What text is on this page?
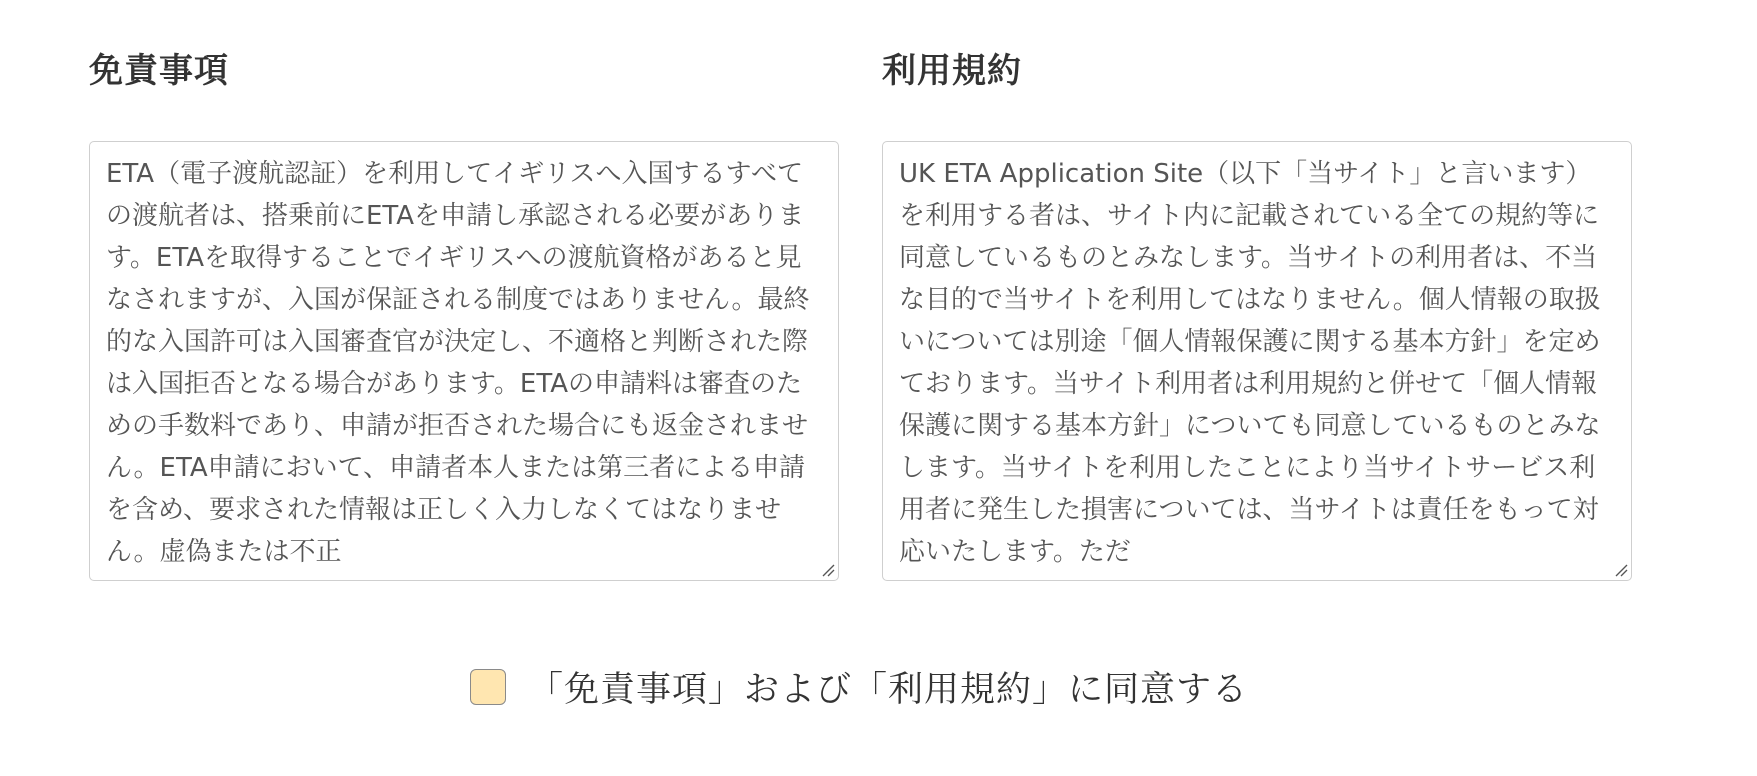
免責事項
ETA（電子渡航認証）を利用してイギリスへ入国するすべての渡航者は、搭乗前にETAを申請し承認される必要があります。ETAを取得することでイギリスへの渡航資格があると見なされますが、入国が保証される制度ではありません。最終的な入国許可は入国審査官が決定し、不適格と判断された際は入国拒否となる場合があります。ETAの申請料は審査のための手数料であり、申請が拒否された場合にも返金されません。ETA申請において、申請者本人または第三者による申請を含め、要求された情報は正しく入力しなくてはなりません。虚偽または不正
利用規約
UK ETA Application Site（以下「当サイト」と言います）を利用する者は、サイト内に記載されている全ての規約等に同意しているものとみなします。当サイトの利用者は、不当な目的で当サイトを利用してはなりません。個人情報の取扱いについては別途「個人情報保護に関する基本方針」を定めております。当サイト利用者は利用規約と併せて「個人情報保護に関する基本方針」についても同意しているものとみなします。当サイトを利用したことにより当サイトサービス利用者に発生した損害については、当サイトは責任をもって対応いたします。ただ
「免責事項」および「利用規約」に同意する
